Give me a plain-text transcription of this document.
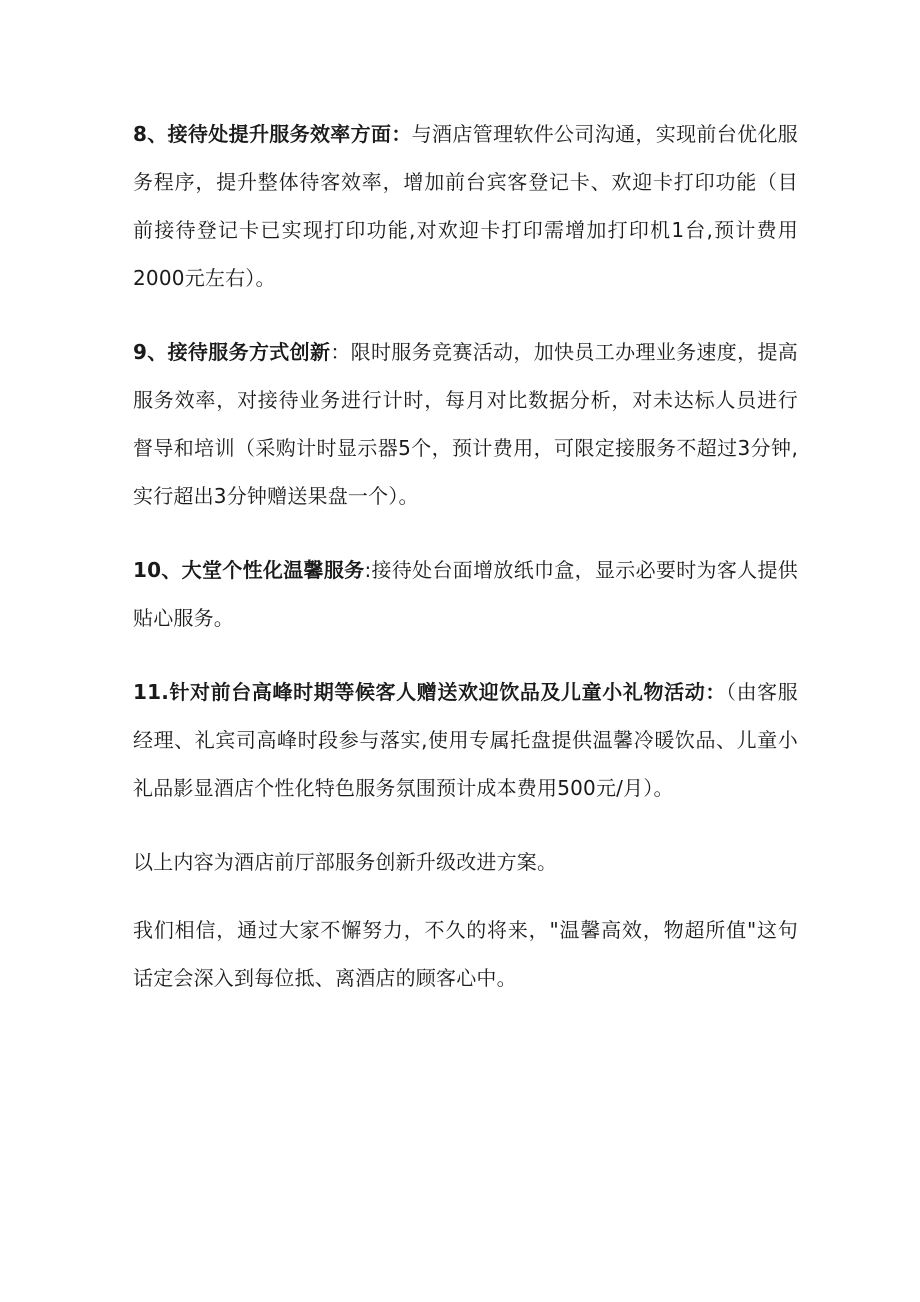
8、接待处提升服务效率方面：与酒店管理软件公司沟通，实现前台优化服务程序，提升整体待客效率，增加前台宾客登记卡、欢迎卡打印功能（目前接待登记卡已实现打印功能,对欢迎卡打印需增加打印机1台,预计费用2000元左右）。

9、接待服务方式创新：限时服务竞赛活动，加快员工办理业务速度，提高服务效率，对接待业务进行计时，每月对比数据分析，对未达标人员进行督导和培训（采购计时显示器5个，预计费用，可限定接服务不超过3分钟,实行超出3分钟赠送果盘一个）。

10、大堂个性化温馨服务:接待处台面增放纸巾盒，显示必要时为客人提供贴心服务。

11.针对前台高峰时期等候客人赠送欢迎饮品及儿童小礼物活动：（由客服经理、礼宾司高峰时段参与落实,使用专属托盘提供温馨冷暖饮品、儿童小礼品影显酒店个性化特色服务氛围预计成本费用500元/月）。

以上内容为酒店前厅部服务创新升级改进方案。

我们相信，通过大家不懈努力，不久的将来，"温馨高效，物超所值"这句话定会深入到每位抵、离酒店的顾客心中。
